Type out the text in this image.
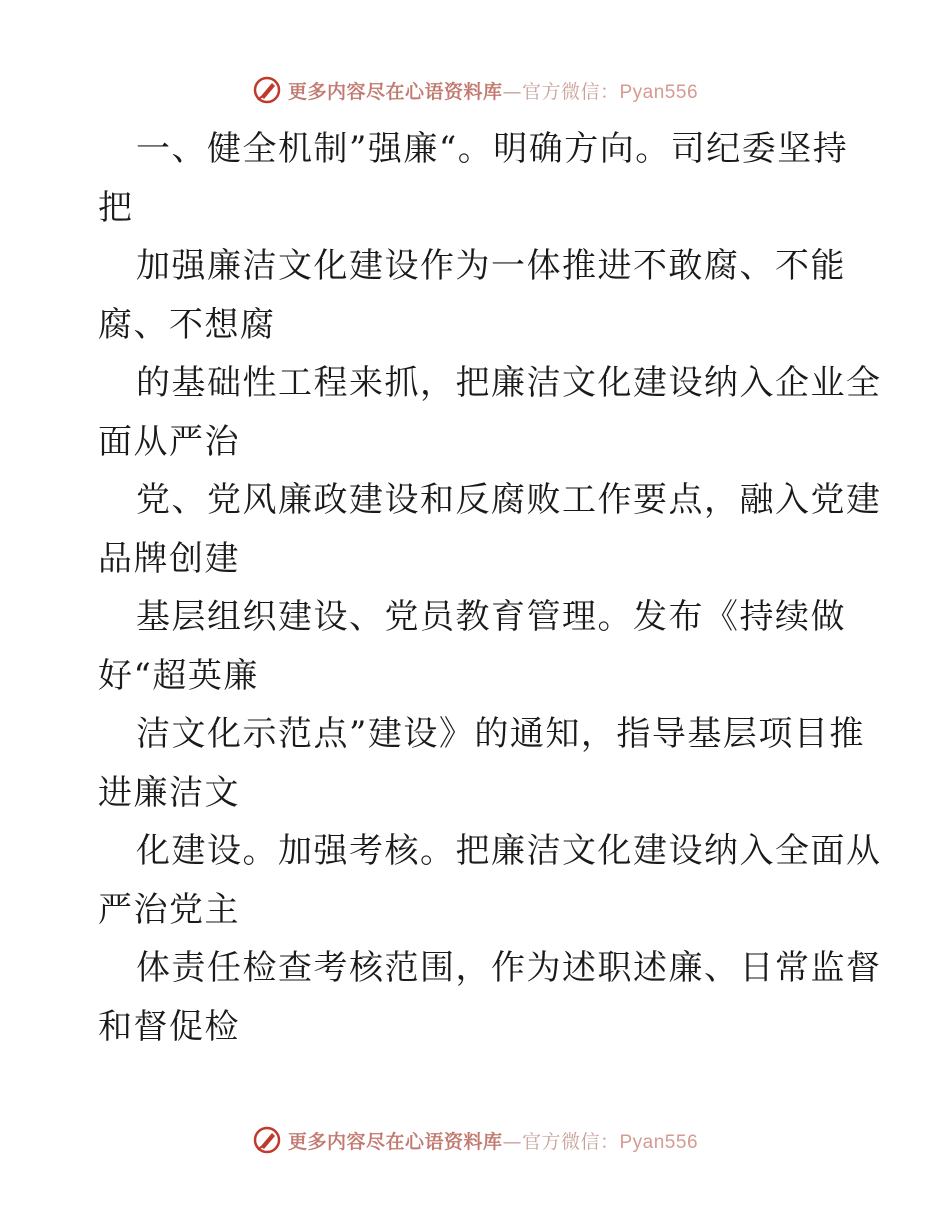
更多内容尽在心语资料库—官方微信：Pyan556
一、健全机制”强廉“。明确方向。司纪委坚持
把
加强廉洁文化建设作为一体推进不敢腐、不能
腐、不想腐
的基础性工程来抓，把廉洁文化建设纳入企业全
面从严治
党、党风廉政建设和反腐败工作要点，融入党建
品牌创建
基层组织建设、党员教育管理。发布《持续做
好“超英廉
洁文化示范点”建设》的通知，指导基层项目推
进廉洁文
化建设。加强考核。把廉洁文化建设纳入全面从
严治党主
体责任检查考核范围，作为述职述廉、日常监督
和督促检
更多内容尽在心语资料库—官方微信：Pyan556
